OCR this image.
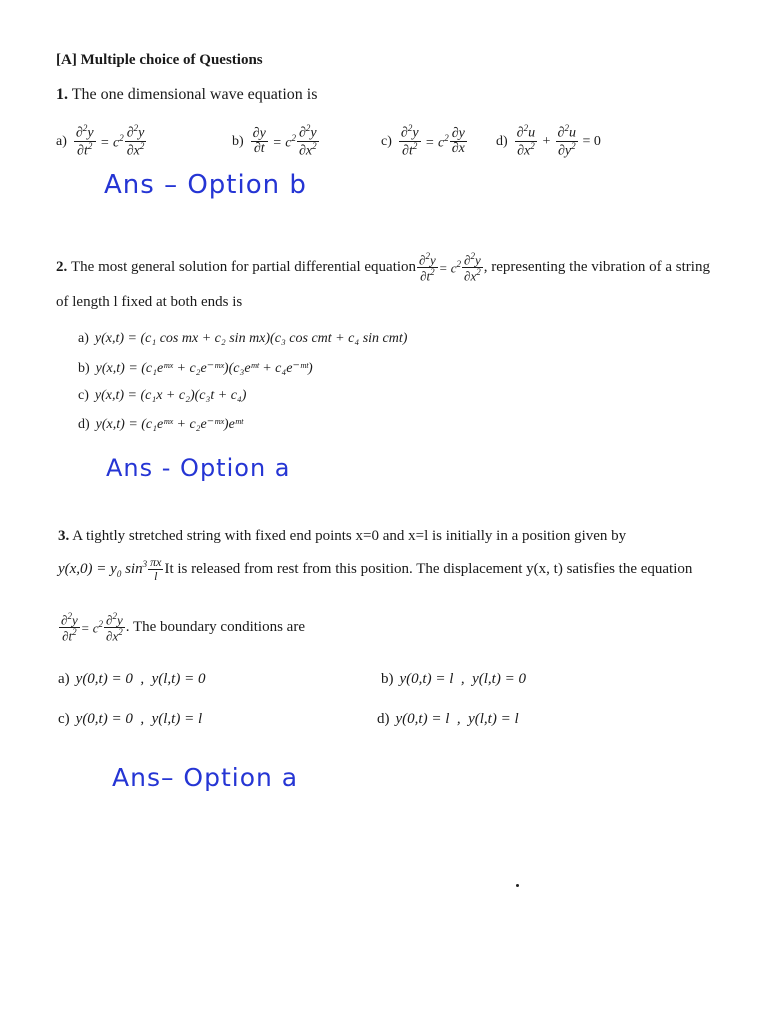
[A] Multiple choice of Questions
1. The one dimensional wave equation is
$a) \frac{\partial^2y}{\partial t^2} = c^2 \frac{\partial^2y}{\partial x^2}$	$b) \frac{\partial y}{\partial t} = c^2 \frac{\partial^2y}{\partial x^2}$	$c) \frac{\partial^2y}{\partial t^2} = c^2 \frac{\partial y}{\partial x} d) \frac{\partial^2u}{\partial x^2} + \frac{\partial^2u}{\partial y^2} = 0$
Ans – Option b
2.
The most general solution for partial differential equation $\frac{\partial^2y}{\partial t^2} = c^2 \frac{\partial^2y}{\partial x^2}$ , representing the vibration of a string
of length l fixed at both ends is
a) y(x,t) = (c₁ cos mx + c₂ sin mx)(c₃ cos cmt + c₄ sin cmt)
b) y(x,t) = (c₁eᵐˣ + c₂e⁻ᵐˣ)(c₃eᵐᵗ + c₄e⁻ᵐᵗ)
c) y(x,t) = (c₁x + c₂)(c₃t + c₄)
d) y(x,t) = (c₁eᵐˣ + c₂e⁻ᵐˣ)eᵐᵗ
Ans - Option a
3. A tightly stretched string with fixed end points x=0 and x=l is initially in a position given by
$y(x,0) = y_0$ $\sin^3 \frac{\pi x}{l}$ It is released from rest from this position. The displacement y(x, t) satisfies the equation
$\frac{\partial^2y}{\partial t^2} = c^2 \frac{\partial^2y}{\partial x^2}$ . The boundary conditions are
a) y(0,t) = 0  ,  y(l,t) = 0	b) y(0,t) = l  ,  y(l,t) = 0
c) y(0,t) = 0  ,  y(l,t) = l	d) y(0,t) = l  ,  y(l,t) = l
Ans– Option a
